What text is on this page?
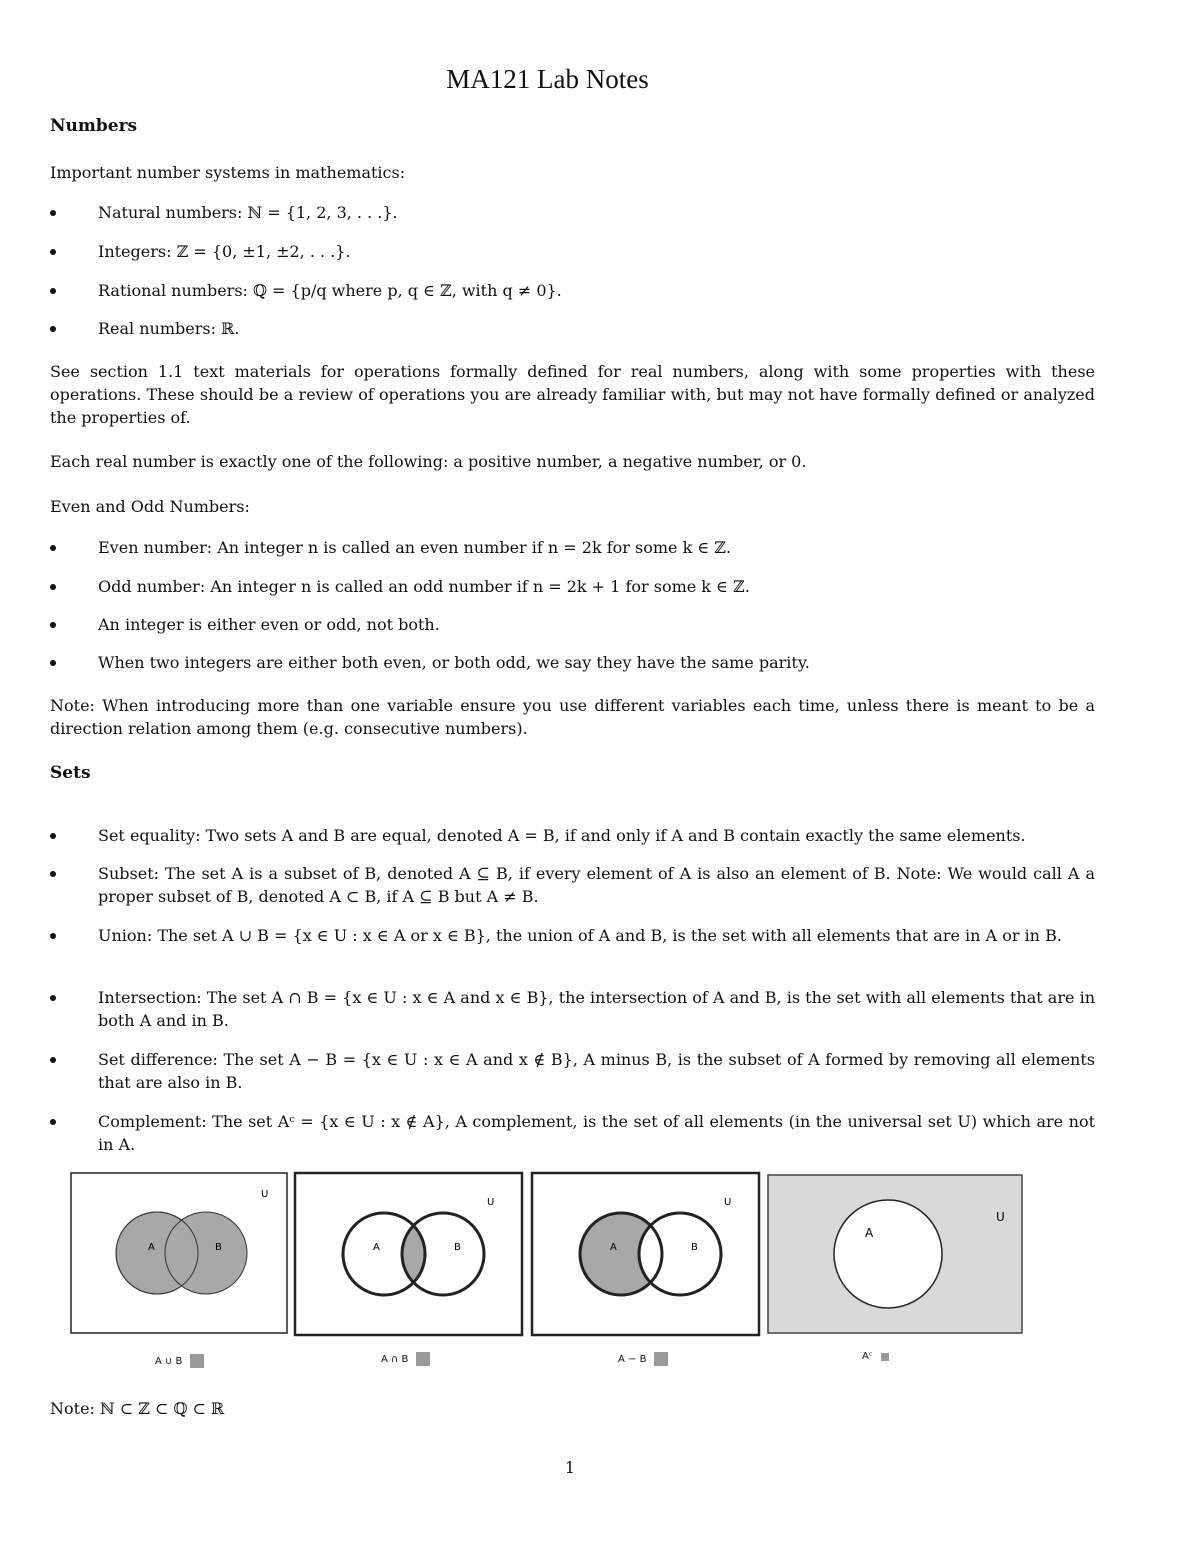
MA121 Lab Notes
Numbers
Important number systems in mathematics:
Natural numbers: ℕ = {1, 2, 3, . . .}.
Integers: ℤ = {0, ±1, ±2, . . .}.
Rational numbers: ℚ = {p/q where p, q ∈ ℤ, with q ≠ 0}.
Real numbers: ℝ.
See section 1.1 text materials for operations formally defined for real numbers, along with some properties with these operations. These should be a review of operations you are already familiar with, but may not have formally defined or analyzed the properties of.
Each real number is exactly one of the following: a positive number, a negative number, or 0.
Even and Odd Numbers:
Even number: An integer n is called an even number if n = 2k for some k ∈ ℤ.
Odd number: An integer n is called an odd number if n = 2k + 1 for some k ∈ ℤ.
An integer is either even or odd, not both.
When two integers are either both even, or both odd, we say they have the same parity.
Note: When introducing more than one variable ensure you use different variables each time, unless there is meant to be a direction relation among them (e.g. consecutive numbers).
Sets
Set equality: Two sets A and B are equal, denoted A = B, if and only if A and B contain exactly the same elements.
Subset: The set A is a subset of B, denoted A ⊆ B, if every element of A is also an element of B. Note: We would call A a proper subset of B, denoted A ⊂ B, if A ⊆ B but A ≠ B.
Union: The set A ∪ B = {x ∈ U : x ∈ A or x ∈ B}, the union of A and B, is the set with all elements that are in A or in B.
Intersection: The set A ∩ B = {x ∈ U : x ∈ A and x ∈ B}, the intersection of A and B, is the set with all elements that are in both A and in B.
Set difference: The set A − B = {x ∈ U : x ∈ A and x ∉ B}, A minus B, is the subset of A formed by removing all elements that are also in B.
Complement: The set Aᶜ = {x ∈ U : x ∉ A}, A complement, is the set of all elements (in the universal set U) which are not in A.
U
A	B
U
A	B
U
A	B
U
A
A ∪ B	A ∩ B	A − B	Aᶜ
Note: ℕ ⊂ ℤ ⊂ ℚ ⊂ ℝ
1
